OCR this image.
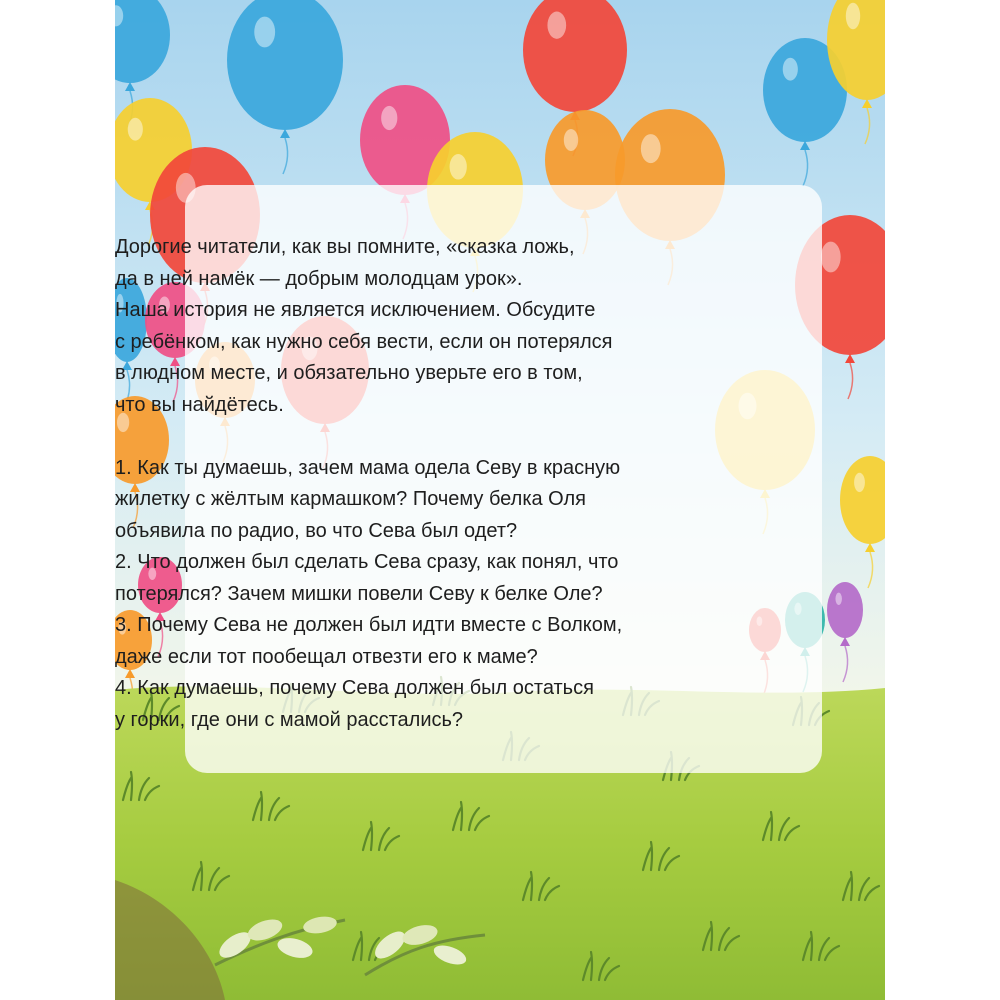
Дорогие читатели, как вы помните, «сказка ложь,
да в ней намёк — добрым молодцам урок».
Наша история не является исключением. Обсудите
с ребёнком, как нужно себя вести, если он потерялся
в людном месте, и обязательно уверьте его в том,
что вы найдётесь.
1. Как ты думаешь, зачем мама одела Севу в красную
жилетку с жёлтым кармашком? Почему белка Оля
объявила по радио, во что Сева был одет?
2. Что должен был сделать Сева сразу, как понял, что
потерялся? Зачем мишки повели Севу к белке Оле?
3. Почему Сева не должен был идти вместе с Волком,
даже если тот пообещал отвезти его к маме?
4. Как думаешь, почему Сева должен был остаться
у горки, где они с мамой расстались?
